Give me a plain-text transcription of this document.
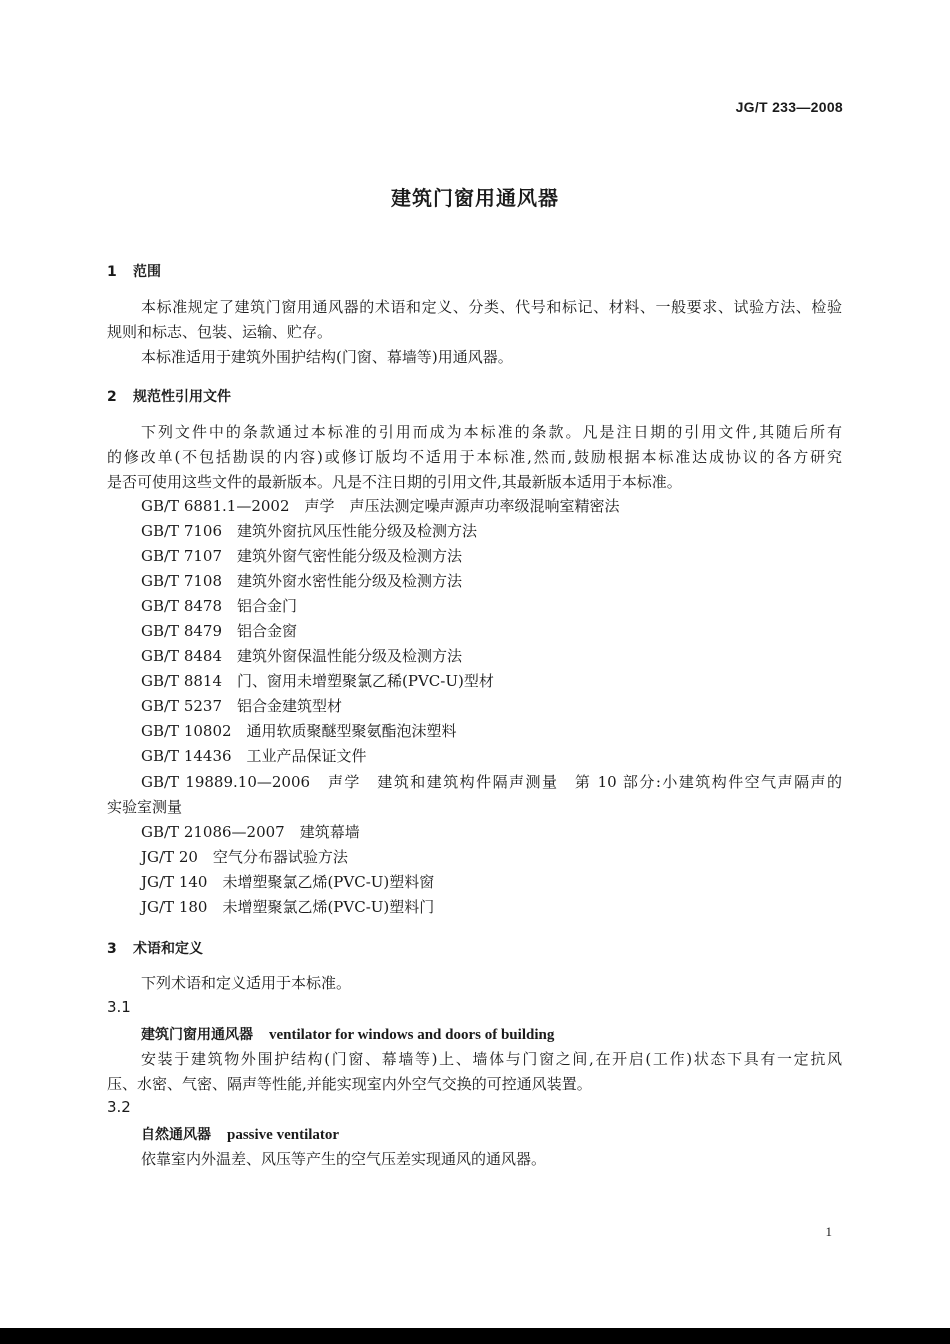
JG/T 233—2008
建筑门窗用通风器
1 范围
本标准规定了建筑门窗用通风器的术语和定义、分类、代号和标记、材料、一般要求、试验方法、检验
规则和标志、包装、运输、贮存。
本标准适用于建筑外围护结构(门窗、幕墙等)用通风器。
2 规范性引用文件
下列文件中的条款通过本标准的引用而成为本标准的条款。凡是注日期的引用文件,其随后所有
的修改单(不包括勘误的内容)或修订版均不适用于本标准,然而,鼓励根据本标准达成协议的各方研究
是否可使用这些文件的最新版本。凡是不注日期的引用文件,其最新版本适用于本标准。
GB/T 6881.1—2002　声学　声压法测定噪声源声功率级混响室精密法
GB/T 7106　建筑外窗抗风压性能分级及检测方法
GB/T 7107　建筑外窗气密性能分级及检测方法
GB/T 7108　建筑外窗水密性能分级及检测方法
GB/T 8478　铝合金门
GB/T 8479　铝合金窗
GB/T 8484　建筑外窗保温性能分级及检测方法
GB/T 8814　门、窗用未增塑聚氯乙稀(PVC-U)型材
GB/T 5237　铝合金建筑型材
GB/T 10802　通用软质聚醚型聚氨酯泡沫塑料
GB/T 14436　工业产品保证文件
GB/T 19889.10—2006　声学　建筑和建筑构件隔声测量　第 10 部分:小建筑构件空气声隔声的
实验室测量
GB/T 21086—2007　建筑幕墙
JG/T 20　空气分布器试验方法
JG/T 140　未增塑聚氯乙烯(PVC-U)塑料窗
JG/T 180　未增塑聚氯乙烯(PVC-U)塑料门
3 术语和定义
下列术语和定义适用于本标准。
3.1
建筑门窗用通风器 ventilator for windows and doors of building
安装于建筑物外围护结构(门窗、幕墙等)上、墙体与门窗之间,在开启(工作)状态下具有一定抗风
压、水密、气密、隔声等性能,并能实现室内外空气交换的可控通风装置。
3.2
自然通风器 passive ventilator
依靠室内外温差、风压等产生的空气压差实现通风的通风器。
1
